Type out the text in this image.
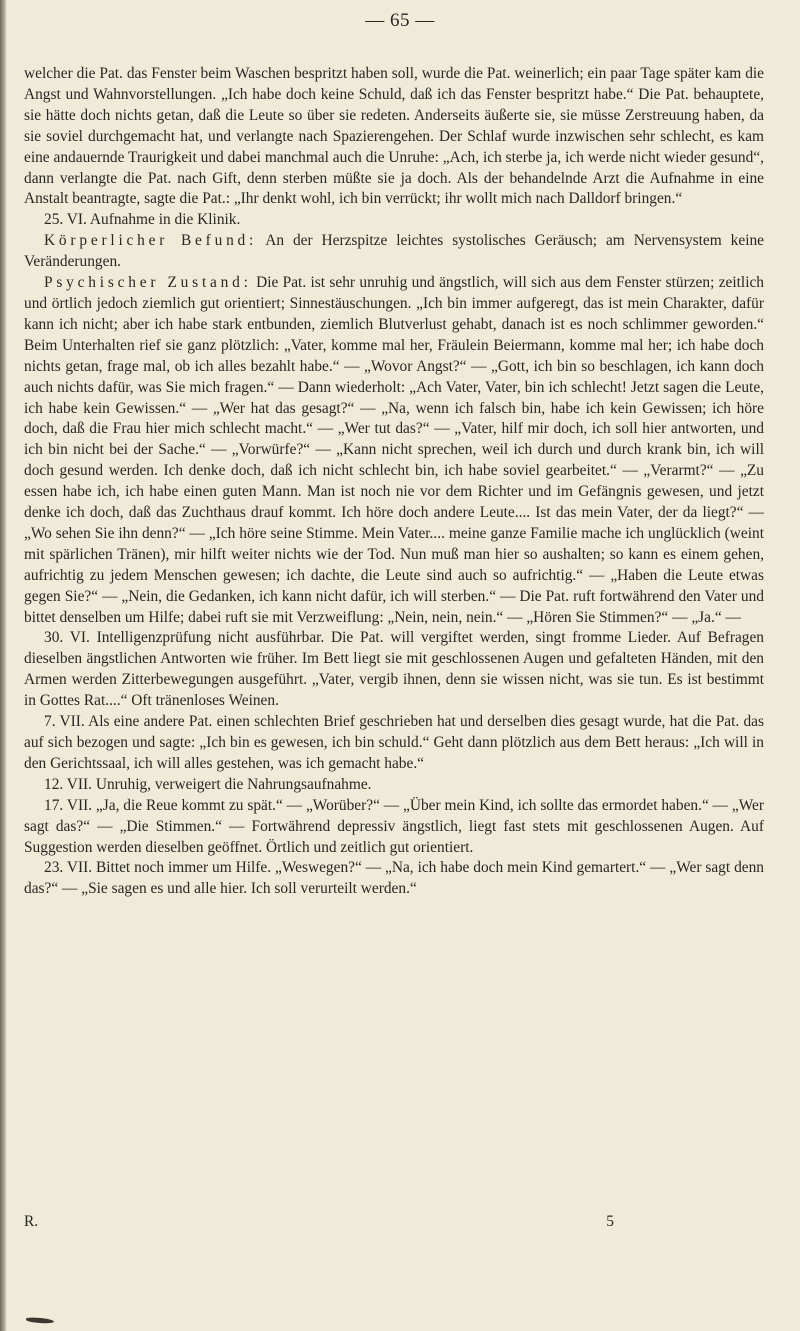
— 65 —

welcher die Pat. das Fenster beim Waschen bespritzt haben soll, wurde die Pat. weinerlich; ein paar Tage später kam die Angst und Wahnvorstellungen. „Ich habe doch keine Schuld, daß ich das Fenster bespritzt habe.“ Die Pat. behauptete, sie hätte doch nichts getan, daß die Leute so über sie redeten. Anderseits äußerte sie, sie müsse Zerstreuung haben, da sie soviel durchgemacht hat, und verlangte nach Spazierengehen. Der Schlaf wurde inzwischen sehr schlecht, es kam eine andauernde Traurigkeit und dabei manchmal auch die Unruhe: „Ach, ich sterbe ja, ich werde nicht wieder gesund“, dann verlangte die Pat. nach Gift, denn sterben müßte sie ja doch. Als der behandelnde Arzt die Aufnahme in eine Anstalt beantragte, sagte die Pat.: „Ihr denkt wohl, ich bin verrückt; ihr wollt mich nach Dalldorf bringen.“

25. VI. Aufnahme in die Klinik.

Körperlicher Befund: An der Herzspitze leichtes systolisches Geräusch; am Nervensystem keine Veränderungen.

Psychischer Zustand: Die Pat. ist sehr unruhig und ängstlich, will sich aus dem Fenster stürzen; zeitlich und örtlich jedoch ziemlich gut orientiert; Sinnestäuschungen. „Ich bin immer aufgeregt, das ist mein Charakter, dafür kann ich nicht; aber ich habe stark entbunden, ziemlich Blutverlust gehabt, danach ist es noch schlimmer geworden.“ Beim Unterhalten rief sie ganz plötzlich: „Vater, komme mal her, Fräulein Beiermann, komme mal her; ich habe doch nichts getan, frage mal, ob ich alles bezahlt habe.“ — „Wovor Angst?“ — „Gott, ich bin so beschlagen, ich kann doch auch nichts dafür, was Sie mich fragen.“ — Dann wiederholt: „Ach Vater, Vater, bin ich schlecht! Jetzt sagen die Leute, ich habe kein Gewissen.“ — „Wer hat das gesagt?“ — „Na, wenn ich falsch bin, habe ich kein Gewissen; ich höre doch, daß die Frau hier mich schlecht macht.“ — „Wer tut das?“ — „Vater, hilf mir doch, ich soll hier antworten, und ich bin nicht bei der Sache.“ — „Vorwürfe?“ — „Kann nicht sprechen, weil ich durch und durch krank bin, ich will doch gesund werden. Ich denke doch, daß ich nicht schlecht bin, ich habe soviel gearbeitet.“ — „Verarmt?“ — „Zu essen habe ich, ich habe einen guten Mann. Man ist noch nie vor dem Richter und im Gefängnis gewesen, und jetzt denke ich doch, daß das Zuchthaus drauf kommt. Ich höre doch andere Leute.... Ist das mein Vater, der da liegt?“ — „Wo sehen Sie ihn denn?“ — „Ich höre seine Stimme. Mein Vater.... meine ganze Familie mache ich unglücklich (weint mit spärlichen Tränen), mir hilft weiter nichts wie der Tod. Nun muß man hier so aushalten; so kann es einem gehen, aufrichtig zu jedem Menschen gewesen; ich dachte, die Leute sind auch so aufrichtig.“ — „Haben die Leute etwas gegen Sie?“ — „Nein, die Gedanken, ich kann nicht dafür, ich will sterben.“ — Die Pat. ruft fortwährend den Vater und bittet denselben um Hilfe; dabei ruft sie mit Verzweiflung: „Nein, nein, nein.“ — „Hören Sie Stimmen?“ — „Ja.“ —

30. VI. Intelligenzprüfung nicht ausführbar. Die Pat. will vergiftet werden, singt fromme Lieder. Auf Befragen dieselben ängstlichen Antworten wie früher. Im Bett liegt sie mit geschlossenen Augen und gefalteten Händen, mit den Armen werden Zitterbewegungen ausgeführt. „Vater, vergib ihnen, denn sie wissen nicht, was sie tun. Es ist bestimmt in Gottes Rat....“ Oft tränenloses Weinen.

7. VII. Als eine andere Pat. einen schlechten Brief geschrieben hat und derselben dies gesagt wurde, hat die Pat. das auf sich bezogen und sagte: „Ich bin es gewesen, ich bin schuld.“ Geht dann plötzlich aus dem Bett heraus: „Ich will in den Gerichtssaal, ich will alles gestehen, was ich gemacht habe.“

12. VII. Unruhig, verweigert die Nahrungsaufnahme.

17. VII. „Ja, die Reue kommt zu spät.“ — „Worüber?“ — „Über mein Kind, ich sollte das ermordet haben.“ — „Wer sagt das?“ — „Die Stimmen.“ — Fortwährend depressiv ängstlich, liegt fast stets mit geschlossenen Augen. Auf Suggestion werden dieselben geöffnet. Örtlich und zeitlich gut orientiert.

23. VII. Bittet noch immer um Hilfe. „Weswegen?“ — „Na, ich habe doch mein Kind gemartert.“ — „Wer sagt denn das?“ — „Sie sagen es und alle hier. Ich soll verurteilt werden.“

R.	5
